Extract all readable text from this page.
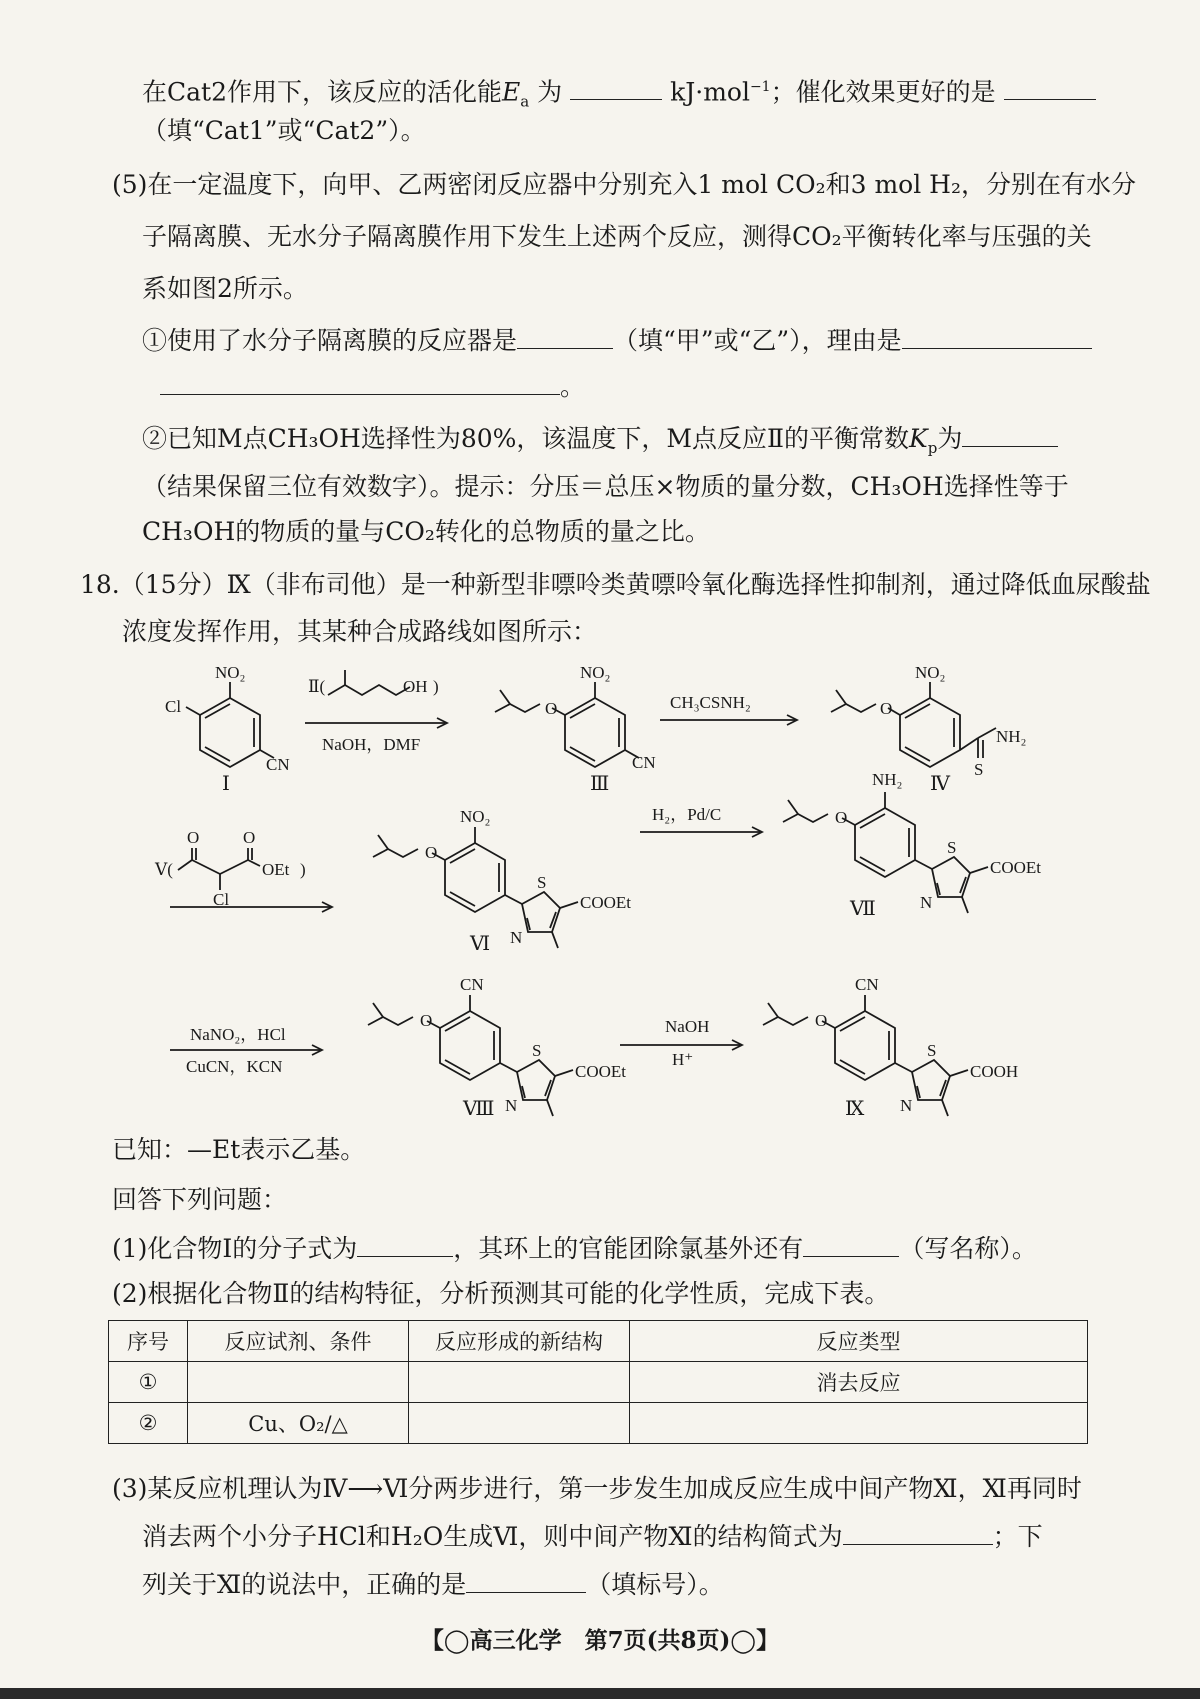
在Cat2作用下，该反应的活化能$E_a$ 为	kJ·mol$^{-1}$；催化效果更好的是
（填“Cat1”或“Cat2”）。
(5)在一定温度下，向甲、乙两密闭反应器中分别充入1 mol CO₂和3 mol H₂，分别在有水分
子隔离膜、无水分子隔离膜作用下发生上述两个反应，测得CO₂平衡转化率与压强的关
系如图2所示。
①使用了水分子隔离膜的反应器是	（填“甲”或“乙”），理由是
。
②已知M点CH₃OH选择性为80%，该温度下，M点反应Ⅱ的平衡常数$K_p$为
（结果保留三位有效数字）。提示：分压＝总压×物质的量分数，CH₃OH选择性等于
CH₃OH的物质的量与CO₂转化的总物质的量之比。
18.（15分）Ⅸ（非布司他）是一种新型非嘌呤类黄嘌呤氧化酶选择性抑制剂，通过降低血尿酸盐
浓度发挥作用，其某种合成路线如图所示：
NO₂
Cl
CN
Ⅰ
Ⅱ(	OH )
NaOH，DMF
NO₂
O
CN
Ⅲ
CH₃CSNH₂
NO₂
O
NH₂
S
Ⅳ
Ⅴ(
O	O
OEt )
Cl
NO₂
O
S
N
COOEt
Ⅵ
H₂，Pd/C
NH₂
O
S
N
COOEt
Ⅶ
NaNO₂，HCl
CuCN，KCN
CN
O
S
N
COOEt
Ⅷ
NaOH
H⁺
CN
O
S
N
COOH
Ⅸ
已知：—Et表示乙基。
回答下列问题：
(1)化合物Ⅰ的分子式为	，其环上的官能团除氯基外还有	（写名称）。
(2)根据化合物Ⅱ的结构特征，分析预测其可能的化学性质，完成下表。
序号	反应试剂、条件	反应形成的新结构	反应类型
①			消去反应
②	Cu、O₂/△		
(3)某反应机理认为Ⅳ⟶Ⅵ分两步进行，第一步发生加成反应生成中间产物Ⅺ，Ⅺ再同时
消去两个小分子HCl和H₂O生成Ⅵ，则中间产物Ⅺ的结构简式为	；下
列关于Ⅺ的说法中，正确的是	（填标号）。
【◯高三化学　第7页(共8页)◯】
